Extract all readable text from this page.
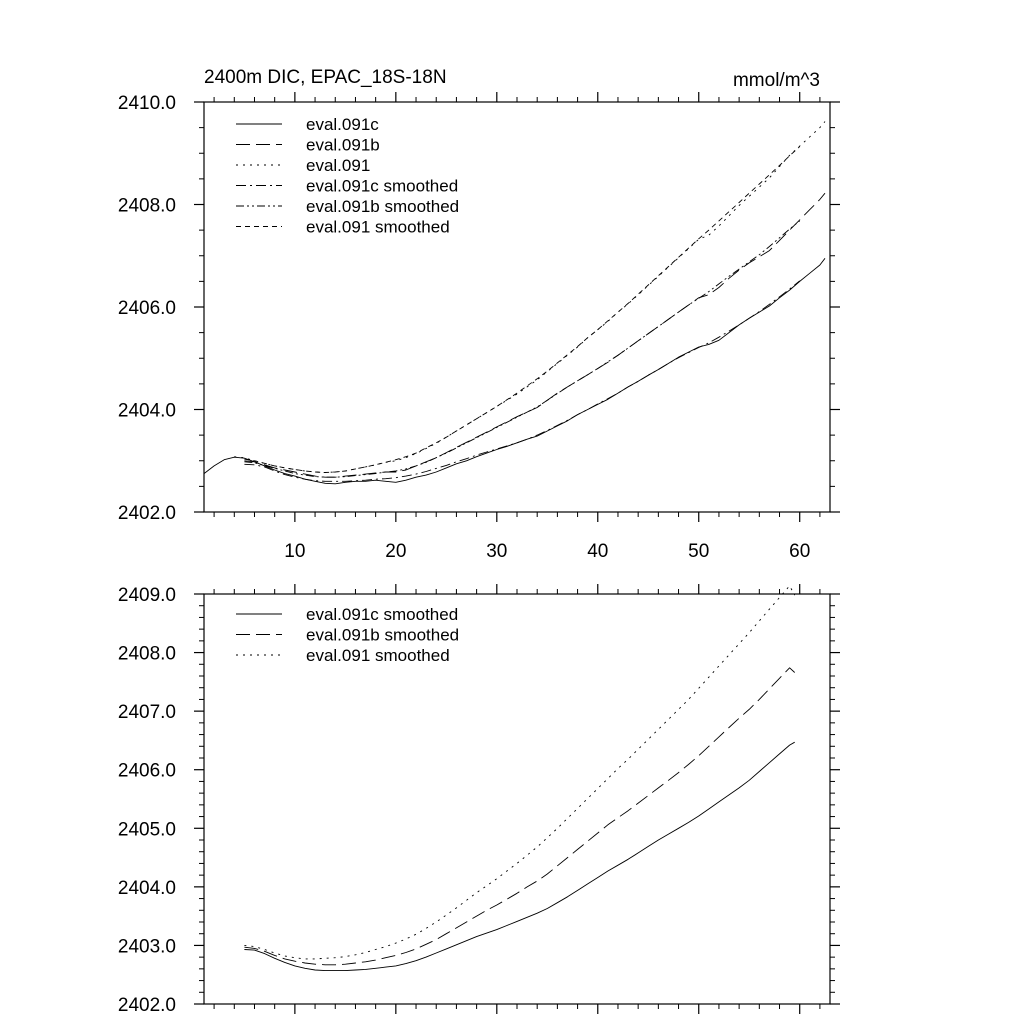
2400m DIC, EPAC_18S-18N	mmol/m^3
eval.091c
eval.091b
eval.091
eval.091c smoothed
eval.091b smoothed
eval.091 smoothed
2402.0
2404.0
2406.0
2408.0
2410.0
10	20	30	40	50	60
eval.091c smoothed
eval.091b smoothed
eval.091 smoothed
2402.0
2403.0
2404.0
2405.0
2406.0
2407.0
2408.0
2409.0
